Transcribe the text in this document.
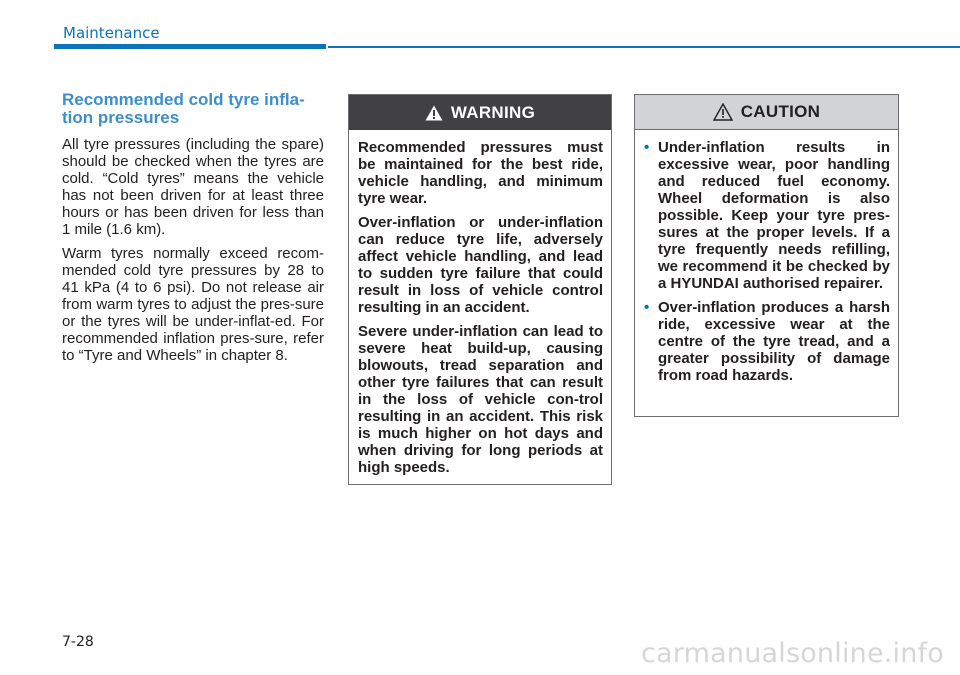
Maintenance
Recommended cold tyre infla-
tion pressures

All tyre pressures (including the spare) should be checked when the tyres are cold. “Cold tyres” means the vehicle has not been driven for at least three hours or has been driven for less than 1 mile (1.6 km).

Warm tyres normally exceed recom-mended cold tyre pressures by 28 to 41 kPa (4 to 6 psi). Do not release air from warm tyres to adjust the pres-sure or the tyres will be under-inflat-ed. For recommended inflation pres-sure, refer to “Tyre and Wheels” in chapter 8.

WARNING

Recommended pressures must be maintained for the best ride, vehicle handling, and minimum tyre wear.

Over-inflation or under-inflation can reduce tyre life, adversely affect vehicle handling, and lead to sudden tyre failure that could result in loss of vehicle control resulting in an accident.

Severe under-inflation can lead to severe heat build-up, causing blowouts, tread separation and other tyre failures that can result in the loss of vehicle con-trol resulting in an accident. This risk is much higher on hot days and when driving for long periods at high speeds.

CAUTION
• Under-inflation results in excessive wear, poor handling and reduced fuel economy. Wheel deformation is also possible. Keep your tyre pres-sures at the proper levels. If a tyre frequently needs refilling, we recommend it be checked by a HYUNDAI authorised repairer.

• Over-inflation produces a harsh ride, excessive wear at the centre of the tyre tread, and a greater possibility of damage from road hazards.

7-28	carmanualsonline.info
